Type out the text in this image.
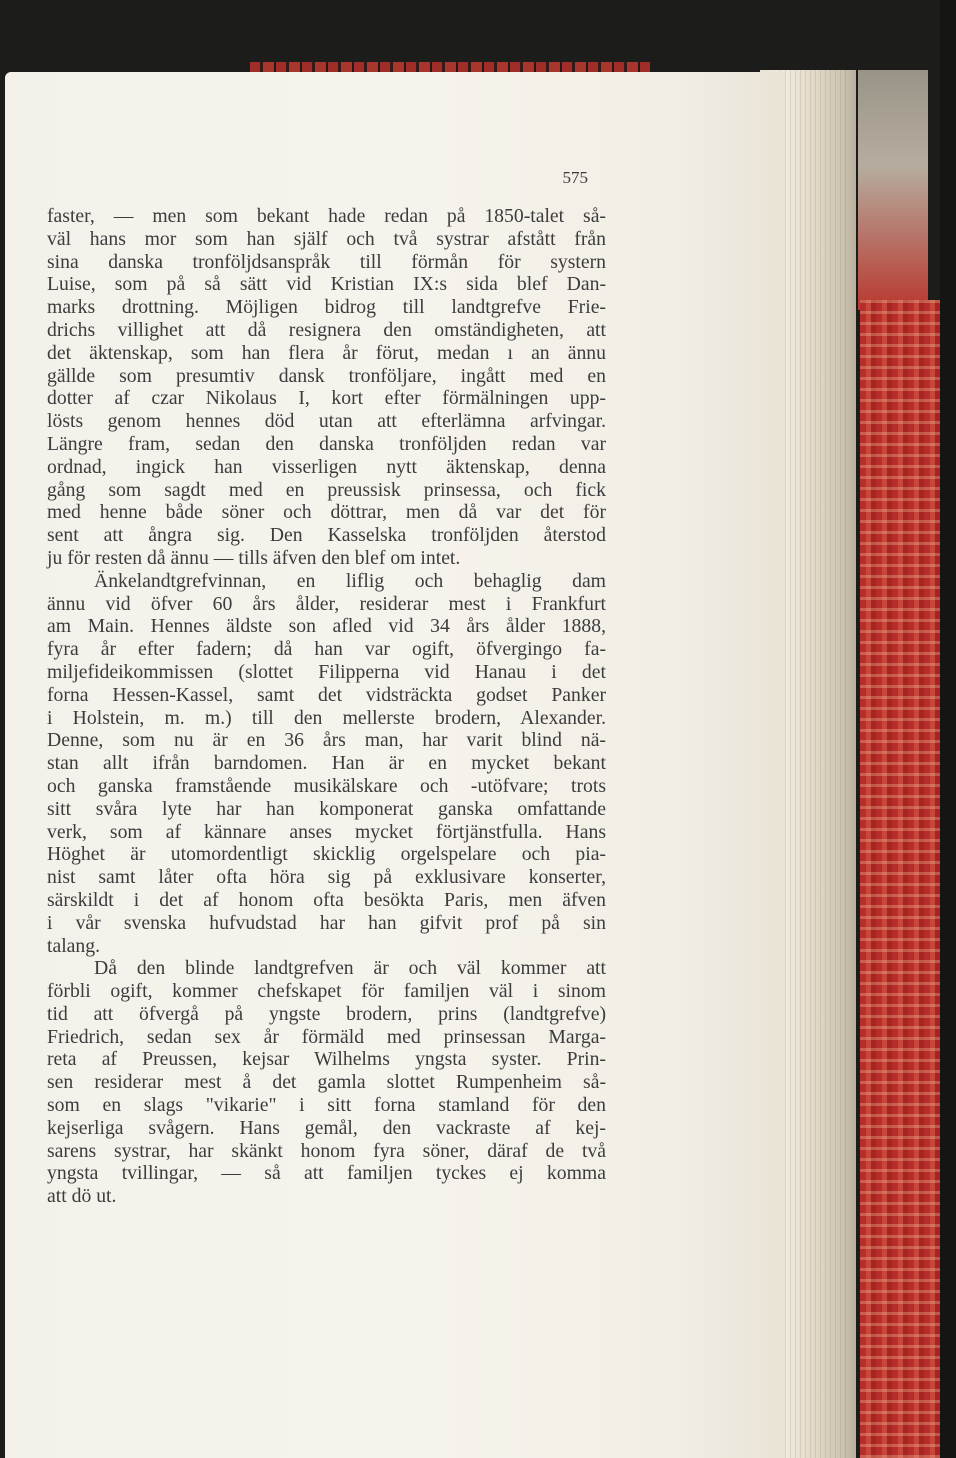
575
faster, — men som bekant hade redan på 1850-talet så-
väl hans mor som han själf och två systrar afstått från
sina danska tronföljdsanspråk till förmån för systern
Luise, som på så sätt vid Kristian IX:s sida blef Dan-
marks drottning. Möjligen bidrog till landtgrefve Frie-
drichs villighet att då resignera den omständigheten, att
det äktenskap, som han flera år förut, medan ı an ännu
gällde som presumtiv dansk tronföljare, ingått med en
dotter af czar Nikolaus I, kort efter förmälningen upp-
lösts genom hennes död utan att efterlämna arfvingar.
Längre fram, sedan den danska tronföljden redan var
ordnad, ingick han visserligen nytt äktenskap, denna
gång som sagdt med en preussisk prinsessa, och fick
med henne både söner och döttrar, men då var det för
sent att ångra sig. Den Kasselska tronföljden återstod
ju för resten då ännu — tills äfven den blef om intet.
Änkelandtgrefvinnan, en liflig och behaglig dam
ännu vid öfver 60 års ålder, residerar mest i Frankfurt
am Main. Hennes äldste son afled vid 34 års ålder 1888,
fyra år efter fadern; då han var ogift, öfvergingo fa-
miljefideikommissen (slottet Filipperna vid Hanau i det
forna Hessen-Kassel, samt det vidsträckta godset Panker
i Holstein, m. m.) till den mellerste brodern, Alexander.
Denne, som nu är en 36 års man, har varit blind nä-
stan allt ifrån barndomen. Han är en mycket bekant
och ganska framstående musikälskare och -utöfvare; trots
sitt svåra lyte har han komponerat ganska omfattande
verk, som af kännare anses mycket förtjänstfulla. Hans
Höghet är utomordentligt skicklig orgelspelare och pia-
nist samt låter ofta höra sig på exklusivare konserter,
särskildt i det af honom ofta besökta Paris, men äfven
i vår svenska hufvudstad har han gifvit prof på sin
talang.
Då den blinde landtgrefven är och väl kommer att
förbli ogift, kommer chefskapet för familjen väl i sinom
tid att öfvergå på yngste brodern, prins (landtgrefve)
Friedrich, sedan sex år förmäld med prinsessan Marga-
reta af Preussen, kejsar Wilhelms yngsta syster. Prin-
sen residerar mest å det gamla slottet Rumpenheim så-
som en slags "vikarie" i sitt forna stamland för den
kejserliga svågern. Hans gemål, den vackraste af kej-
sarens systrar, har skänkt honom fyra söner, däraf de två
yngsta tvillingar, — så att familjen tyckes ej komma
att dö ut.
